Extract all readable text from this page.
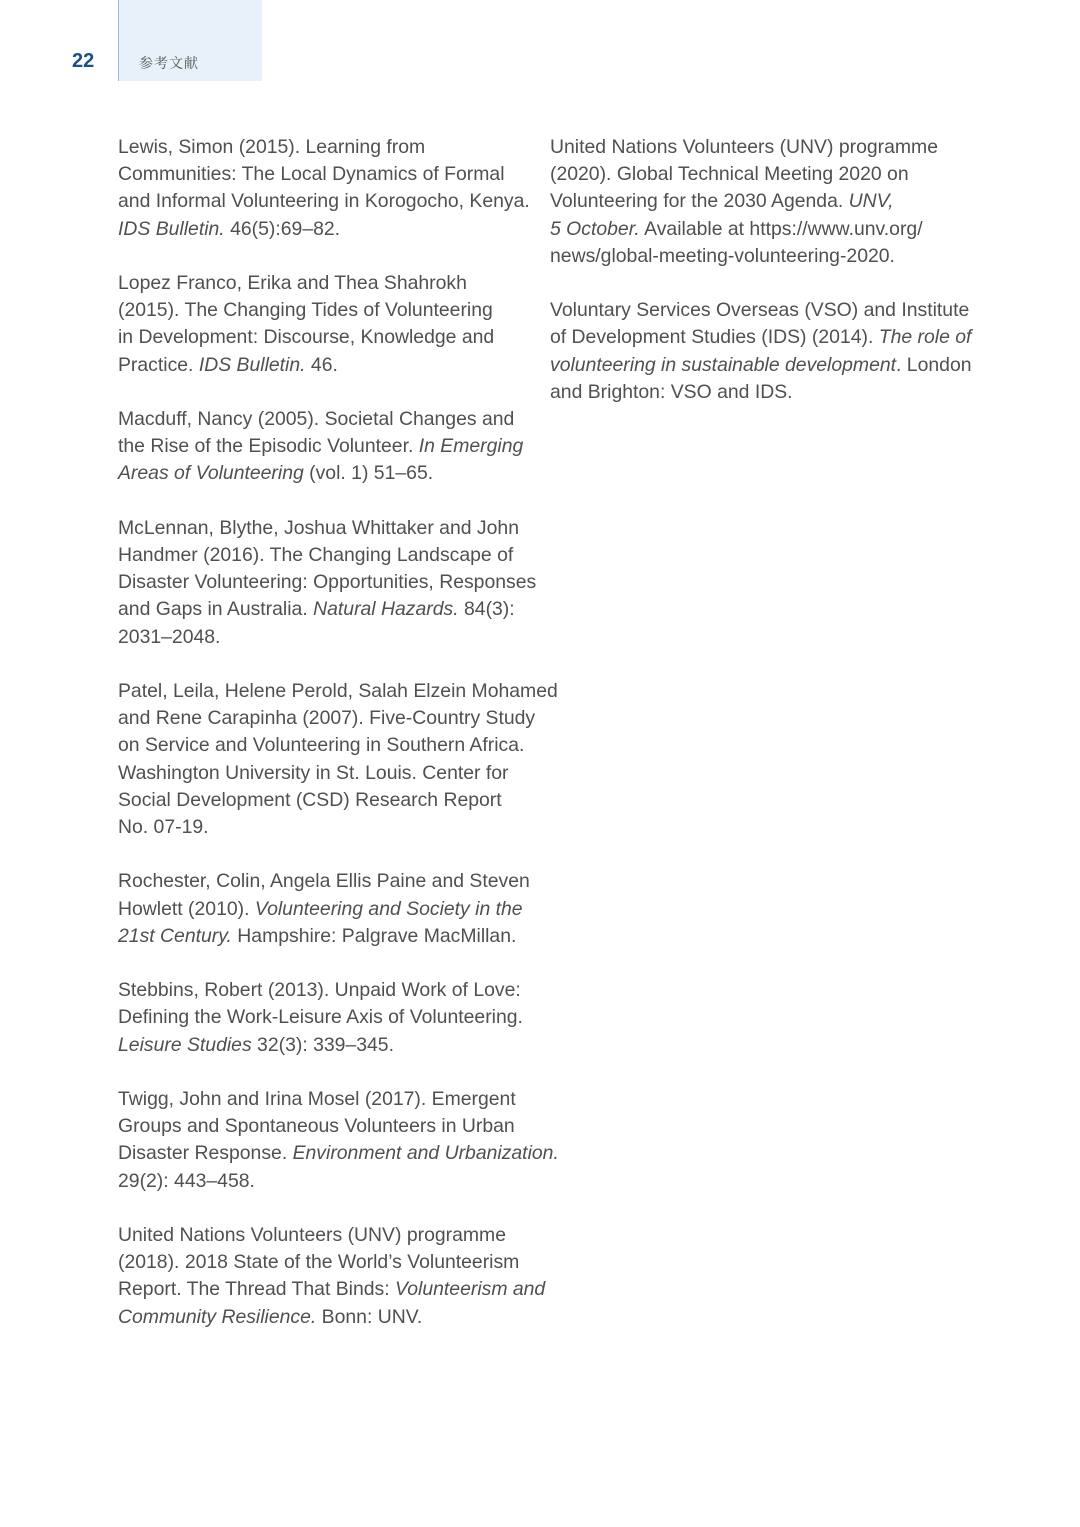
22	参考文献

Lewis, Simon (2015). Learning from
Communities: The Local Dynamics of Formal
and Informal Volunteering in Korogocho, Kenya.
IDS Bulletin. 46(5):69–82.

Lopez Franco, Erika and Thea Shahrokh
(2015). The Changing Tides of Volunteering
in Development: Discourse, Knowledge and
Practice. IDS Bulletin. 46.

Macduff, Nancy (2005). Societal Changes and
the Rise of the Episodic Volunteer. In Emerging
Areas of Volunteering (vol. 1) 51–65.

McLennan, Blythe, Joshua Whittaker and John
Handmer (2016). The Changing Landscape of
Disaster Volunteering: Opportunities, Responses
and Gaps in Australia. Natural Hazards. 84(3):
2031–2048.

Patel, Leila, Helene Perold, Salah Elzein Mohamed
and Rene Carapinha (2007). Five-Country Study
on Service and Volunteering in Southern Africa.
Washington University in St. Louis. Center for
Social Development (CSD) Research Report
No. 07-19.

Rochester, Colin, Angela Ellis Paine and Steven
Howlett (2010). Volunteering and Society in the
21st Century. Hampshire: Palgrave MacMillan.

Stebbins, Robert (2013). Unpaid Work of Love:
Defining the Work-Leisure Axis of Volunteering.
Leisure Studies 32(3): 339–345.

Twigg, John and Irina Mosel (2017). Emergent
Groups and Spontaneous Volunteers in Urban
Disaster Response. Environment and Urbanization.
29(2): 443–458.

United Nations Volunteers (UNV) programme
(2018). 2018 State of the World’s Volunteerism
Report. The Thread That Binds: Volunteerism and
Community Resilience. Bonn: UNV.

United Nations Volunteers (UNV) programme
(2020). Global Technical Meeting 2020 on
Volunteering for the 2030 Agenda. UNV,
5 October. Available at https://www.unv.org/
news/global-meeting-volunteering-2020.

Voluntary Services Overseas (VSO) and Institute
of Development Studies (IDS) (2014). The role of
volunteering in sustainable development. London
and Brighton: VSO and IDS.
